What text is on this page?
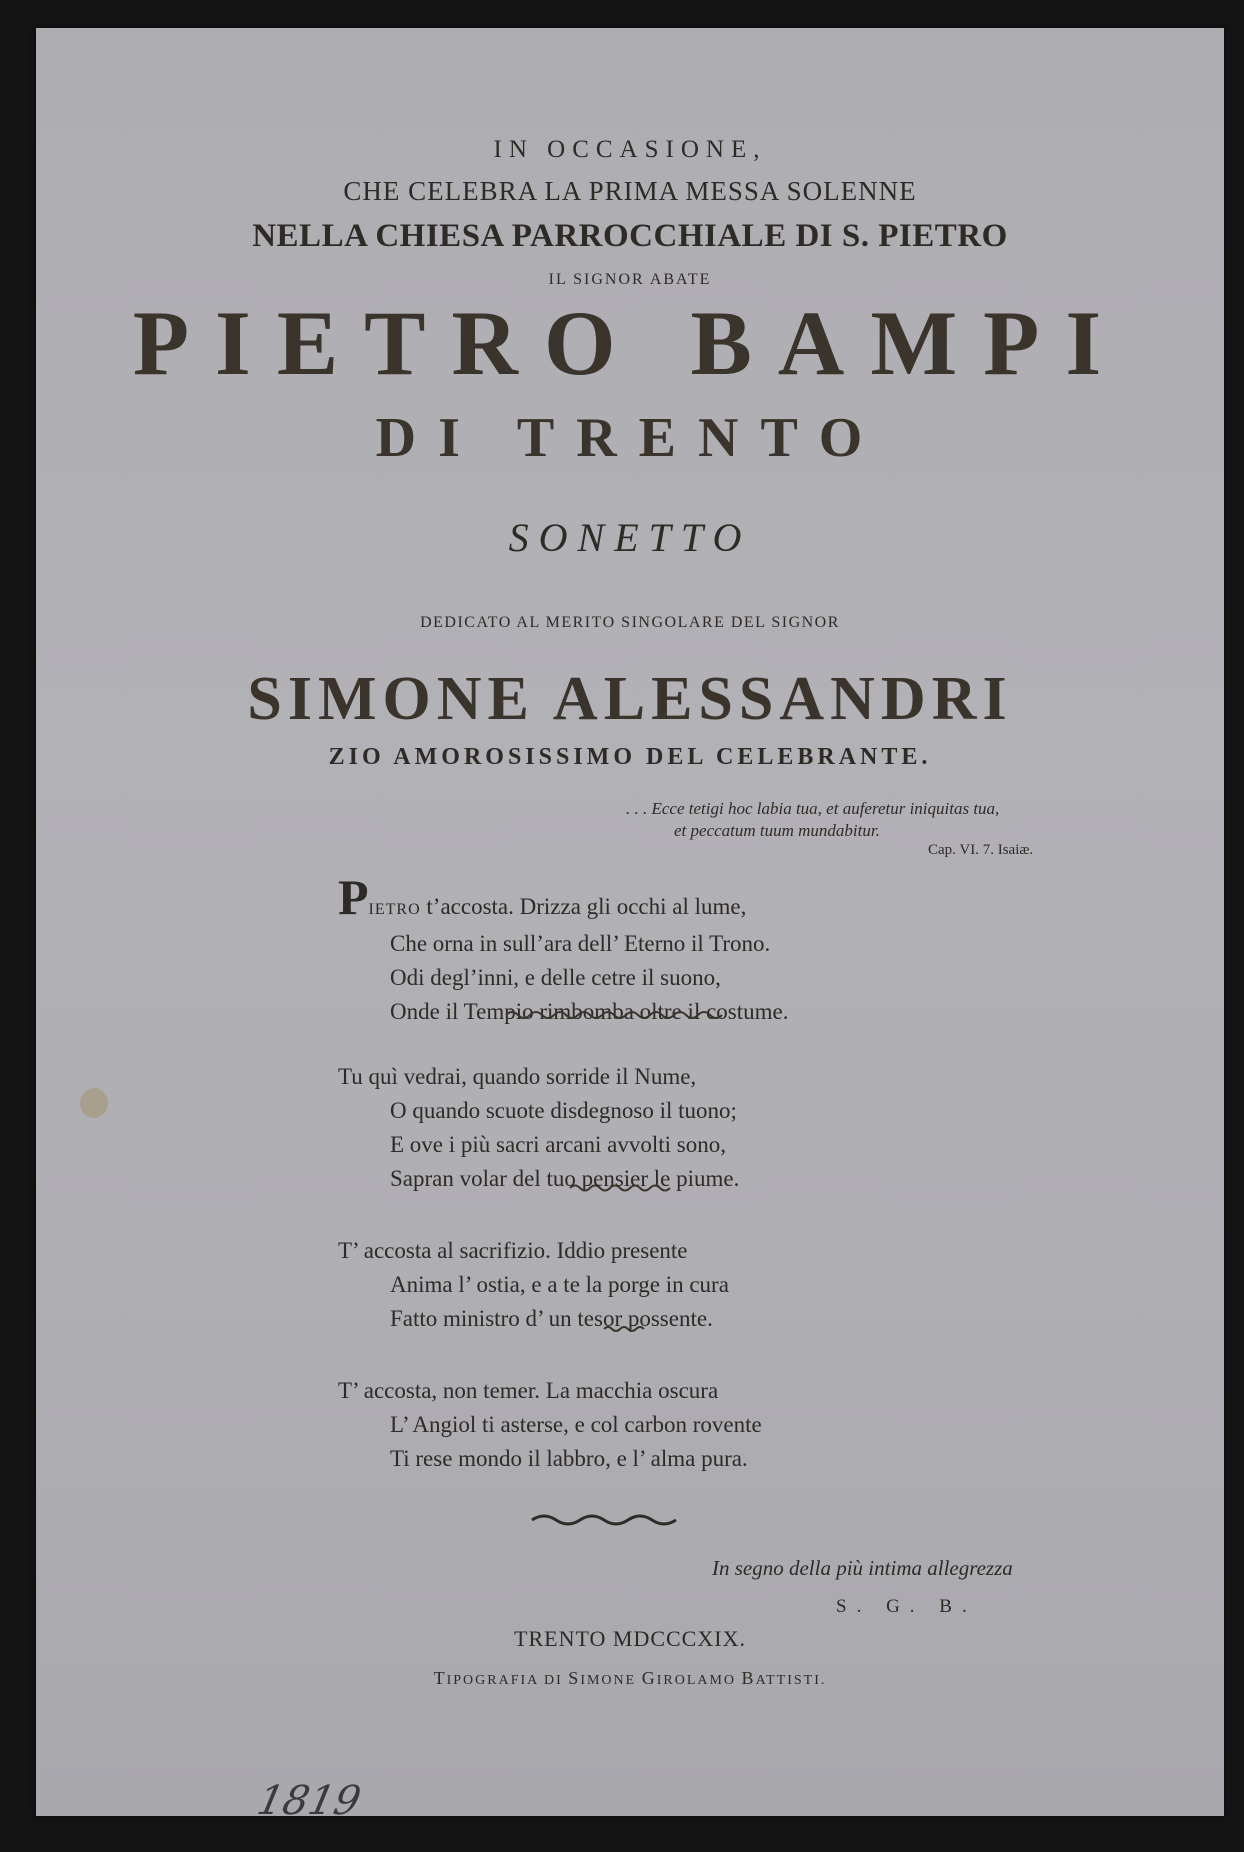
IN OCCASIONE,
CHE CELEBRA LA PRIMA MESSA SOLENNE
NELLA CHIESA PARROCCHIALE DI S. PIETRO
IL SIGNOR ABATE
PIETRO BAMPI
DI TRENTO
SONETTO
DEDICATO AL MERITO SINGOLARE DEL SIGNOR
SIMONE ALESSANDRI
ZIO AMOROSISSIMO DEL CELEBRANTE.
. . . Ecce tetigi hoc labia tua, et auferetur iniquitas tua,
et peccatum tuum mundabitur.
Cap. VI. 7. Isaiæ.
PIETRO t’accosta. Drizza gli occhi al lume,
Che orna in sull’ara dell’ Eterno il Trono.
Odi degl’inni, e delle cetre il suono,
Onde il Tempio rimbomba oltre il costume.
Tu quì vedrai, quando sorride il Nume,
O quando scuote disdegnoso il tuono;
E ove i più sacri arcani avvolti sono,
Sapran volar del tuo pensier le piume.
T’ accosta al sacrifizio. Iddio presente
Anima l’ ostia, e a te la porge in cura
Fatto ministro d’ un tesor possente.
T’ accosta, non temer. La macchia oscura
L’ Angiol ti asterse, e col carbon rovente
Ti rese mondo il labbro, e l’ alma pura.
In segno della più intima allegrezza
S. G. B.
TRENTO MDCCCXIX.
TIPOGRAFIA DI SIMONE GIROLAMO BATTISTI.
1819
